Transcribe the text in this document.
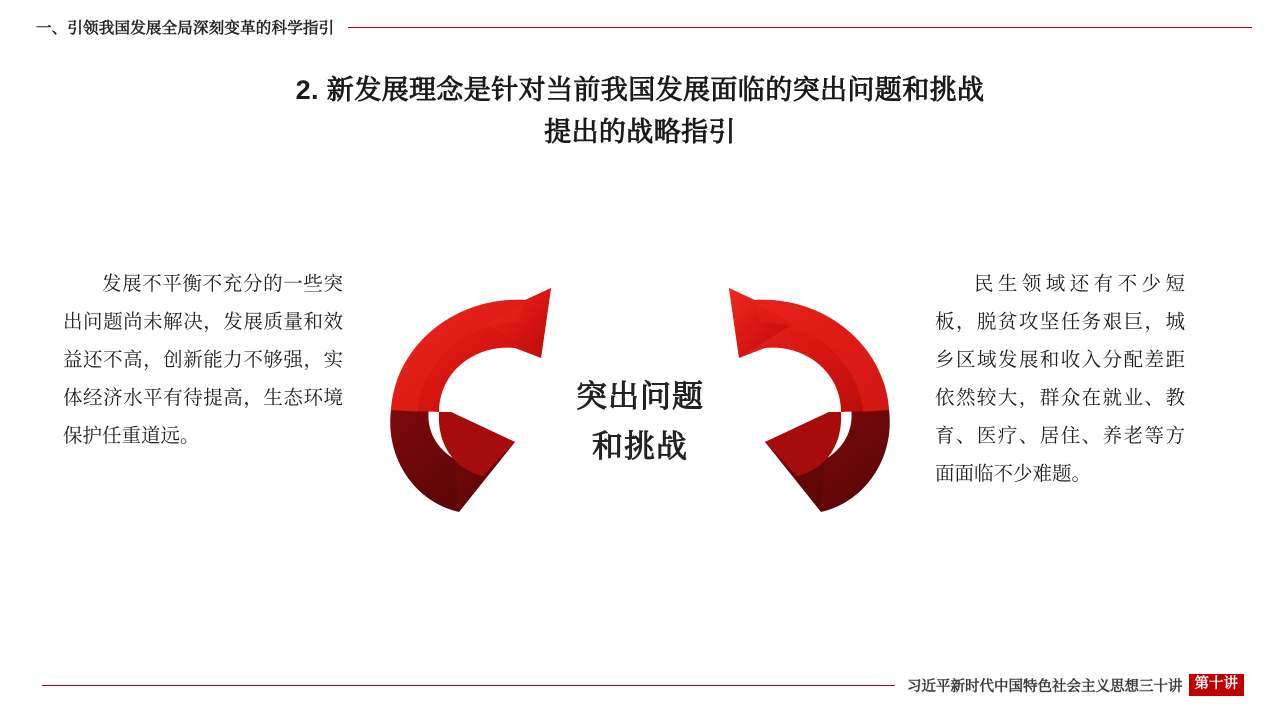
一、引领我国发展全局深刻变革的科学指引
2. 新发展理念是针对当前我国发展面临的突出问题和挑战
提出的战略指引

发展不平衡不充分的一些突出问题尚未解决，发展质量和效益还不高，创新能力不够强，实体经济水平有待提高，生态环境保护任重道远。

民生领域还有不少短板，脱贫攻坚任务艰巨，城乡区域发展和收入分配差距依然较大，群众在就业、教育、医疗、居住、养老等方面面临不少难题。

突出问题
和挑战
习近平新时代中国特色社会主义思想三十讲 第十讲
